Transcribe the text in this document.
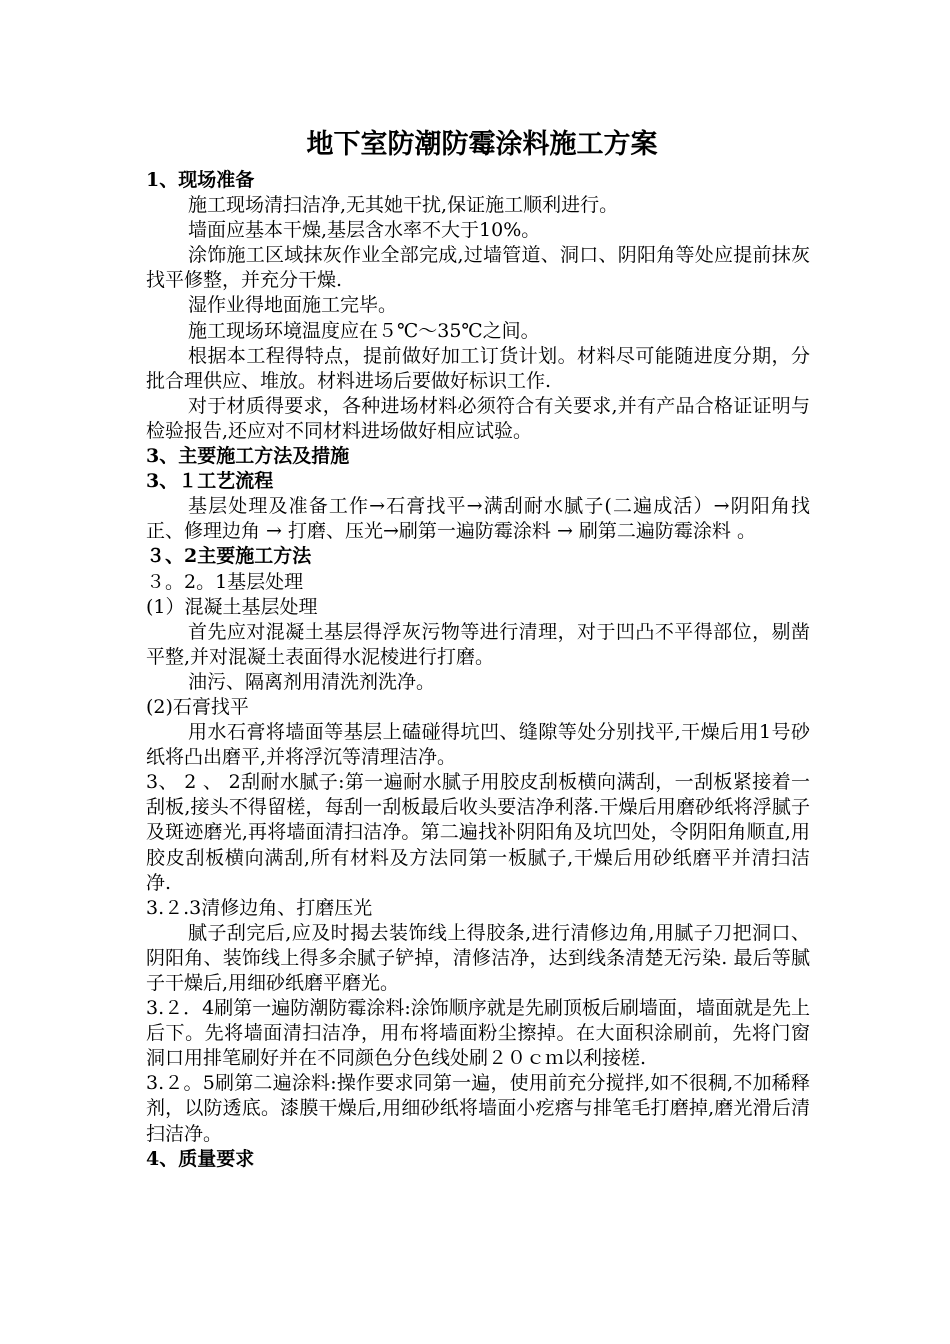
地下室防潮防霉涂料施工方案
1、现场准备
施工现场清扫洁净,无其她干扰,保证施工顺利进行。
墙面应基本干燥,基层含水率不大于10%。
涂饰施工区域抹灰作业全部完成,过墙管道、洞口、阴阳角等处应提前抹灰找平修整，并充分干燥.
湿作业得地面施工完毕。
施工现场环境温度应在５℃～35℃之间。
根据本工程得特点，提前做好加工订货计划。材料尽可能随进度分期，分批合理供应、堆放。材料进场后要做好标识工作.
对于材质得要求，各种进场材料必须符合有关要求,并有产品合格证证明与检验报告,还应对不同材料进场做好相应试验。
3、主要施工方法及措施
3、１工艺流程
基层处理及准备工作→石膏找平→满刮耐水腻子(二遍成活）→阴阳角找正、修理边角 → 打磨、压光→刷第一遍防霉涂料 → 刷第二遍防霉涂料 。
３、2主要施工方法
３。2。1基层处理
(1）混凝土基层处理
首先应对混凝土基层得浮灰污物等进行清理，对于凹凸不平得部位，剔凿平整,并对混凝土表面得水泥棱进行打磨。
油污、隔离剂用清洗剂洗净。
(2)石膏找平
用水石膏将墙面等基层上磕碰得坑凹、缝隙等处分别找平,干燥后用1号砂纸将凸出磨平,并将浮沉等清理洁净。
3、 2 、 2刮耐水腻子:第一遍耐水腻子用胶皮刮板横向满刮，一刮板紧接着一刮板,接头不得留槎，每刮一刮板最后收头要洁净利落.干燥后用磨砂纸将浮腻子及斑迹磨光,再将墙面清扫洁净。第二遍找补阴阳角及坑凹处，令阴阳角顺直,用胶皮刮板横向满刮,所有材料及方法同第一板腻子,干燥后用砂纸磨平并清扫洁净.
3.２.3清修边角、打磨压光
腻子刮完后,应及时揭去装饰线上得胶条,进行清修边角,用腻子刀把洞口、阴阳角、装饰线上得多余腻子铲掉，清修洁净，达到线条清楚无污染. 最后等腻子干燥后,用细砂纸磨平磨光。
3.２．4刷第一遍防潮防霉涂料:涂饰顺序就是先刷顶板后刷墙面，墙面就是先上后下。先将墙面清扫洁净，用布将墙面粉尘擦掉。在大面积涂刷前，先将门窗洞口用排笔刷好并在不同颜色分色线处刷２０ｃｍ以利接槎.
3.２。5刷第二遍涂料:操作要求同第一遍，使用前充分搅拌,如不很稠,不加稀释剂，以防透底。漆膜干燥后,用细砂纸将墙面小疙瘩与排笔毛打磨掉,磨光滑后清扫洁净。
4、质量要求
